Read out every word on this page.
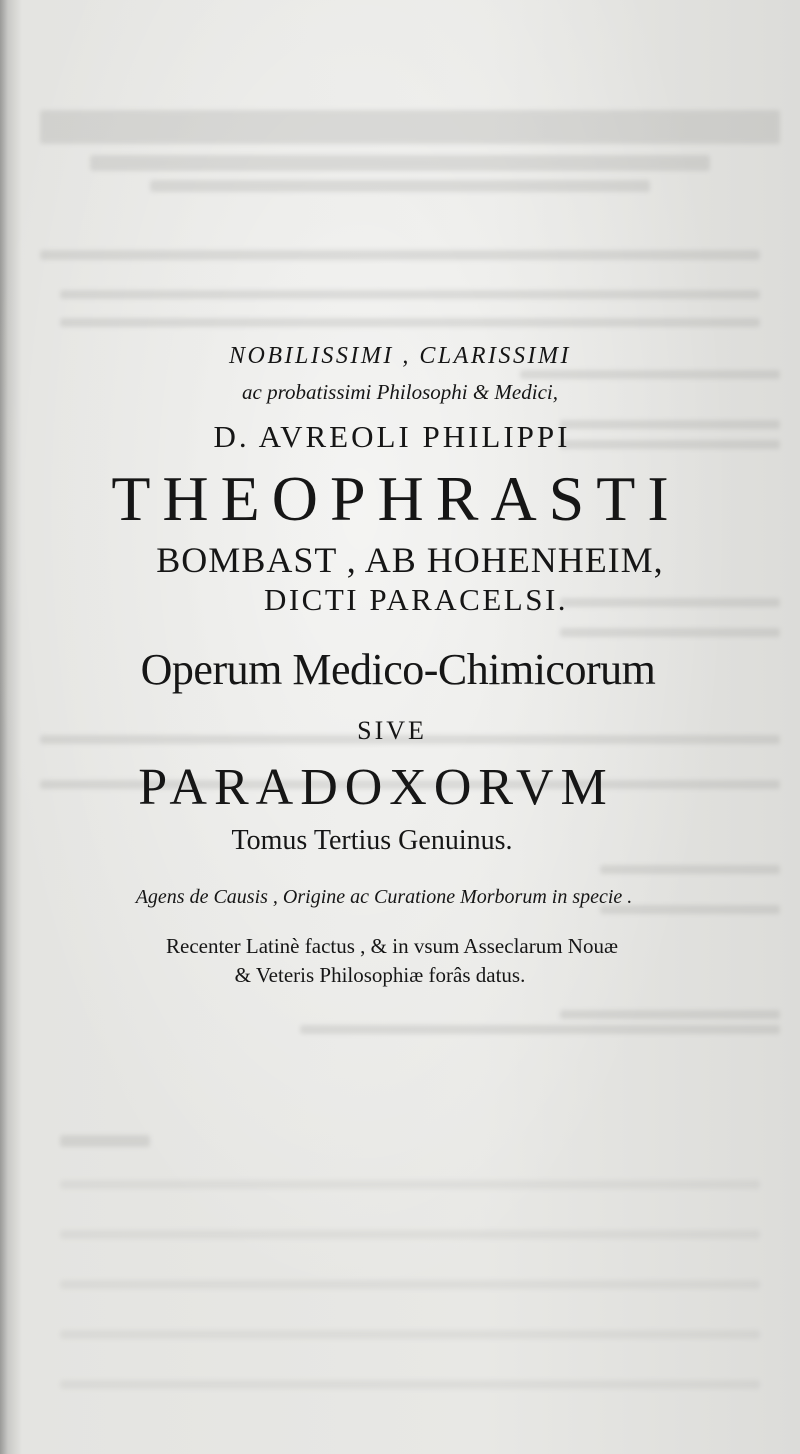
NOBILISSIMI , CLARISSIMI
ac probatissimi Philosophi & Medici,
D. AVREOLI PHILIPPI
THEOPHRASTI
BOMBAST , AB HOHENHEIM,
DICTI PARACELSI.
Operum Medico-Chimicorum
SIVE
PARADOXORVM
Tomus Tertius Genuinus.
Agens de Causis , Origine ac Curatione Morborum in specie .
Recenter Latinè factus , & in vsum Asseclarum Nouæ
& Veteris Philosophiæ forâs datus.
